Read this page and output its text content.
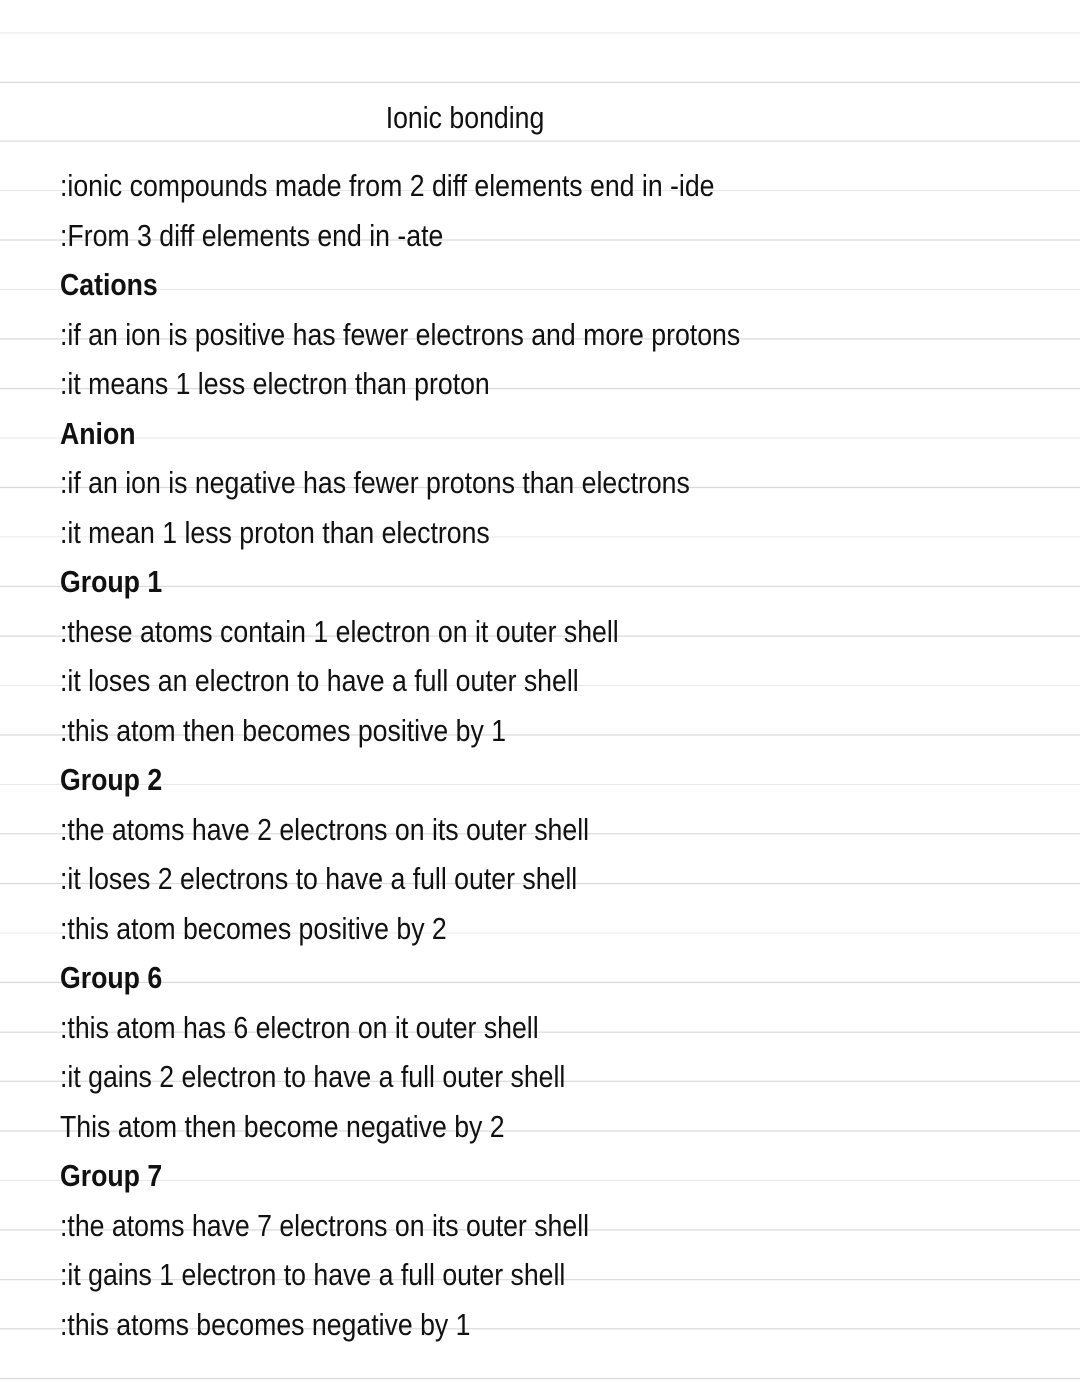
Ionic bonding
:ionic compounds made from 2 diff elements end in -ide
:From 3 diff elements end in -ate
Cations
:if an ion is positive has fewer electrons and more protons
:it means 1 less electron than proton
Anion
:if an ion is negative has fewer protons than electrons
:it mean 1 less proton than electrons
Group 1
:these atoms contain 1 electron on it outer shell
:it loses an electron to have a full outer shell
:this atom then becomes positive by 1
Group 2
:the atoms have 2 electrons on its outer shell
:it loses 2 electrons to have a full outer shell
:this atom becomes positive by 2
Group 6
:this atom has 6 electron on it outer shell
:it gains 2 electron to have a full outer shell
This atom then become negative by 2
Group 7
:the atoms have 7 electrons on its outer shell
:it gains 1 electron to have a full outer shell
:this atoms becomes negative by 1
